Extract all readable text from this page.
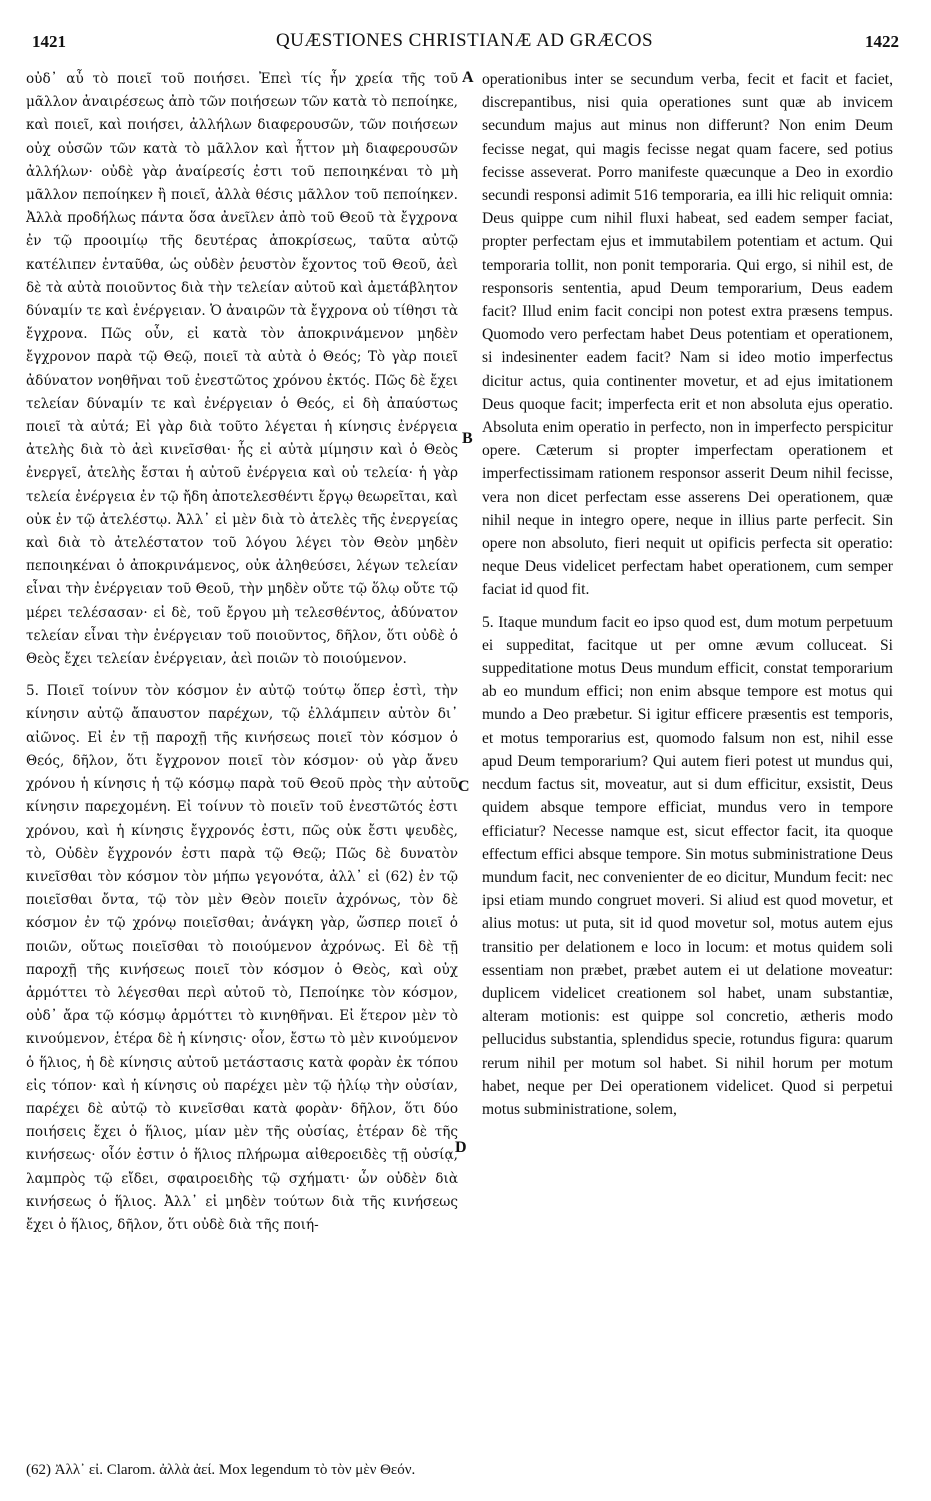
1421	QUÆSTIONES CHRISTIANÆ AD GRÆCOS	1422

οὐδ᾽ αὖ τὸ ποιεῖ τοῦ ποιήσει. Ἐπεὶ τίς ἦν χρεία τῆς τοῦ μᾶλλον ἀναιρέσεως ἀπὸ τῶν ποιήσεων τῶν κατὰ τὸ πεποίηκε, καὶ ποιεῖ, καὶ ποιήσει, ἀλλήλων διαφερουσῶν, τῶν ποιήσεων οὐχ οὐσῶν τῶν κατὰ τὸ μᾶλλον καὶ ἧττον μὴ διαφερουσῶν ἀλλήλων· οὐδὲ γὰρ ἀναίρεσίς ἐστι τοῦ πεποιηκέναι τὸ μὴ μᾶλλον πεποίηκεν ἢ ποιεῖ, ἀλλὰ θέσις μᾶλλον τοῦ πεποίηκεν. Ἀλλὰ προδήλως πάντα ὅσα ἀνεῖλεν ἀπὸ τοῦ Θεοῦ τὰ ἔγχρονα ἐν τῷ προοιμίῳ τῆς δευτέρας ἀποκρίσεως, ταῦτα αὐτῷ κατέλιπεν ἐνταῦθα, ὡς οὐδὲν ῥευστὸν ἔχοντος τοῦ Θεοῦ, ἀεὶ δὲ τὰ αὐτὰ ποιοῦντος διὰ τὴν τελείαν αὐτοῦ καὶ ἀμετάβλητον δύναμίν τε καὶ ἐνέργειαν. Ὁ ἀναιρῶν τὰ ἔγχρονα οὐ τίθησι τὰ ἔγχρονα. Πῶς οὖν, εἰ κατὰ τὸν ἀποκρινάμενον μηδὲν ἔγχρονον παρὰ τῷ Θεῷ, ποιεῖ τὰ αὐτὰ ὁ Θεός; Τὸ γὰρ ποιεῖ ἀδύνατον νοηθῆναι τοῦ ἐνεστῶτος χρόνου ἐκτός. Πῶς δὲ ἔχει τελείαν δύναμίν τε καὶ ἐνέργειαν ὁ Θεός, εἰ δὴ ἀπαύστως ποιεῖ τὰ αὐτά; Εἰ γὰρ διὰ τοῦτο λέγεται ἡ κίνησις ἐνέργεια ἀτελὴς διὰ τὸ ἀεὶ κινεῖσθαι· ἧς εἰ αὐτὰ μίμησιν καὶ ὁ Θεὸς ἐνεργεῖ, ἀτελὴς ἔσται ἡ αὐτοῦ ἐνέργεια καὶ οὐ τελεία· ἡ γὰρ τελεία ἐνέργεια ἐν τῷ ἤδη ἀποτελεσθέντι ἔργῳ θεωρεῖται, καὶ οὐκ ἐν τῷ ἀτελέστῳ. Ἀλλ᾽ εἰ μὲν διὰ τὸ ἀτελὲς τῆς ἐνεργείας καὶ διὰ τὸ ἀτελέστατον τοῦ λόγου λέγει τὸν Θεὸν μηδὲν πεποιηκέναι ὁ ἀποκρινάμενος, οὐκ ἀληθεύσει, λέγων τελείαν εἶναι τὴν ἐνέργειαν τοῦ Θεοῦ, τὴν μηδὲν οὔτε τῷ ὅλῳ οὔτε τῷ μέρει τελέσασαν· εἰ δὲ, τοῦ ἔργου μὴ τελεσθέντος, ἀδύνατον τελείαν εἶναι τὴν ἐνέργειαν τοῦ ποιοῦντος, δῆλον, ὅτι οὐδὲ ὁ Θεὸς ἔχει τελείαν ἐνέργειαν, ἀεὶ ποιῶν τὸ ποιούμενον.

5. Ποιεῖ τοίνυν τὸν κόσμον ἐν αὐτῷ τούτῳ ὅπερ ἐστὶ, τὴν κίνησιν αὐτῷ ἄπαυστον παρέχων, τῷ ἐλλάμπειν αὐτὸν δι᾽ αἰῶνος. Εἰ ἐν τῇ παροχῇ τῆς κινήσεως ποιεῖ τὸν κόσμον ὁ Θεός, δῆλον, ὅτι ἔγχρονον ποιεῖ τὸν κόσμον· οὐ γὰρ ἄνευ χρόνου ἡ κίνησις ἡ τῷ κόσμῳ παρὰ τοῦ Θεοῦ πρὸς τὴν αὐτοῦ κίνησιν παρεχομένη. Εἰ τοίνυν τὸ ποιεῖν τοῦ ἐνεστῶτός ἐστι χρόνου, καὶ ἡ κίνησις ἔγχρονός ἐστι, πῶς οὐκ ἔστι ψευδὲς, τὸ, Οὐδὲν ἔγχρονόν ἐστι παρὰ τῷ Θεῷ; Πῶς δὲ δυνατὸν κινεῖσθαι τὸν κόσμον τὸν μήπω γεγονότα, ἀλλ᾽ εἰ (62) ἐν τῷ ποιεῖσθαι ὄντα, τῷ τὸν μὲν Θεὸν ποιεῖν ἀχρόνως, τὸν δὲ κόσμον ἐν τῷ χρόνῳ ποιεῖσθαι; ἀνάγκη γὰρ, ὥσπερ ποιεῖ ὁ ποιῶν, οὕτως ποιεῖσθαι τὸ ποιούμενον ἀχρόνως. Εἰ δὲ τῇ παροχῇ τῆς κινήσεως ποιεῖ τὸν κόσμον ὁ Θεὸς, καὶ οὐχ ἁρμόττει τὸ λέγεσθαι περὶ αὐτοῦ τὸ, Πεποίηκε τὸν κόσμον, οὐδ᾽ ἄρα τῷ κόσμῳ ἁρμόττει τὸ κινηθῆναι. Εἰ ἕτερον μὲν τὸ κινούμενον, ἑτέρα δὲ ἡ κίνησις· οἷον, ἔστω τὸ μὲν κινούμενον ὁ ἥλιος, ἡ δὲ κίνησις αὐτοῦ μετάστασις κατὰ φορὰν ἐκ τόπου εἰς τόπον· καὶ ἡ κίνησις οὐ παρέχει μὲν τῷ ἡλίῳ τὴν οὐσίαν, παρέχει δὲ αὐτῷ τὸ κινεῖσθαι κατὰ φορὰν· δῆλον, ὅτι δύο ποιήσεις ἔχει ὁ ἥλιος, μίαν μὲν τῆς οὐσίας, ἑτέραν δὲ τῆς κινήσεως· οἷόν ἐστιν ὁ ἥλιος πλήρωμα αἰθεροειδὲς τῇ οὐσίᾳ, λαμπρὸς τῷ εἴδει, σφαιροειδὴς τῷ σχήματι· ὧν οὐδὲν διὰ κινήσεως ὁ ἥλιος. Ἀλλ᾽ εἰ μηδὲν τούτων διὰ τῆς κινήσεως ἔχει ὁ ἥλιος, δῆλον, ὅτι οὐδὲ διὰ τῆς ποιή-

operationibus inter se secundum verba, fecit et facit et faciet, discrepantibus, nisi quia operationes sunt quæ ab invicem secundum majus aut minus non differunt? Non enim Deum fecisse negat, qui magis fecisse negat quam facere, sed potius fecisse asseverat. Porro manifeste quæcunque a Deo in exordio secundi responsi adimit 516 temporaria, ea illi hic reliquit omnia: Deus quippe cum nihil fluxi habeat, sed eadem semper faciat, propter perfectam ejus et immutabilem potentiam et actum. Qui temporaria tollit, non ponit temporaria. Qui ergo, si nihil est, de responsoris sententia, apud Deum temporarium, Deus eadem facit? Illud enim facit concipi non potest extra præsens tempus. Quomodo vero perfectam habet Deus potentiam et operationem, si indesinenter eadem facit? Nam si ideo motio imperfectus dicitur actus, quia continenter movetur, et ad ejus imitationem Deus quoque facit; imperfecta erit et non absoluta ejus operatio. Absoluta enim operatio in perfecto, non in imperfecto perspicitur opere. Cæterum si propter imperfectam operationem et imperfectissimam rationem responsor asserit Deum nihil fecisse, vera non dicet perfectam esse asserens Dei operationem, quæ nihil neque in integro opere, neque in illius parte perfecit. Sin opere non absoluto, fieri nequit ut opificis perfecta sit operatio: neque Deus videlicet perfectam habet operationem, cum semper faciat id quod fit.

5. Itaque mundum facit eo ipso quod est, dum motum perpetuum ei suppeditat, facitque ut per omne ævum colluceat. Si suppeditatione motus Deus mundum efficit, constat temporarium ab eo mundum effici; non enim absque tempore est motus qui mundo a Deo præbetur. Si igitur efficere præsentis est temporis, et motus temporarius est, quomodo falsum non est, nihil esse apud Deum temporarium? Qui autem fieri potest ut mundus qui, necdum factus sit, moveatur, aut si dum efficitur, exsistit, Deus quidem absque tempore efficiat, mundus vero in tempore efficiatur? Necesse namque est, sicut effector facit, ita quoque effectum effici absque tempore. Sin motus subministratione Deus mundum facit, nec convenienter de eo dicitur, Mundum fecit: nec ipsi etiam mundo congruet moveri. Si aliud est quod movetur, et alius motus: ut puta, sit id quod movetur sol, motus autem ejus transitio per delationem e loco in locum: et motus quidem soli essentiam non præbet, præbet autem ei ut delatione moveatur: duplicem videlicet creationem sol habet, unam substantiæ, alteram motionis: est quippe sol concretio, ætheris modo pellucidus substantia, splendidus specie, rotundus figura: quarum rerum nihil per motum sol habet. Si nihil horum per motum habet, neque per Dei operationem videlicet. Quod si perpetui motus subministratione, solem,

A
B
C
D
(62) Ἀλλ᾽ εἰ. Clarom. ἀλλὰ ἀεί. Mox legendum τὸ τὸν μὲν Θεόν.
